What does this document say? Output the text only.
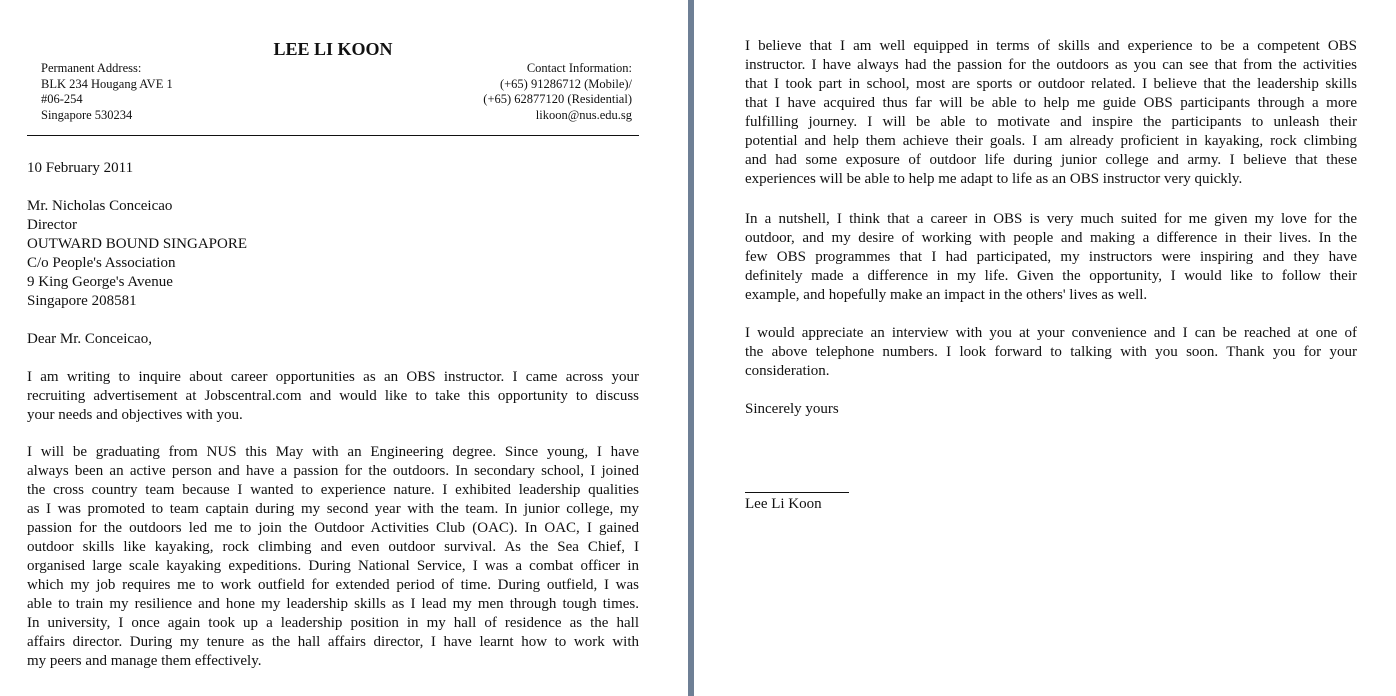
LEE LI KOON
Permanent Address:
BLK 234 Hougang AVE 1
#06-254
Singapore 530234
Contact Information:
(+65) 91286712 (Mobile)/
(+65) 62877120 (Residential)
likoon@nus.edu.sg
10 February 2011
Mr. Nicholas Conceicao
Director
OUTWARD BOUND SINGAPORE
C/o People's Association
9 King George's Avenue
Singapore 208581
Dear Mr. Conceicao,
I am writing to inquire about career opportunities as an OBS instructor. I came across your
recruiting advertisement at Jobscentral.com and would like to take this opportunity to discuss
your needs and objectives with you.
I will be graduating from NUS this May with an Engineering degree. Since young, I have
always been an active person and have a passion for the outdoors. In secondary school, I joined
the cross country team because I wanted to experience nature. I exhibited leadership qualities
as I was promoted to team captain during my second year with the team. In junior college, my
passion for the outdoors led me to join the Outdoor Activities Club (OAC). In OAC, I gained
outdoor skills like kayaking, rock climbing and even outdoor survival. As the Sea Chief, I
organised large scale kayaking expeditions. During National Service, I was a combat officer in
which my job requires me to work outfield for extended period of time. During outfield, I was
able to train my resilience and hone my leadership skills as I lead my men through tough times.
In university, I once again took up a leadership position in my hall of residence as the hall
affairs director. During my tenure as the hall affairs director, I have learnt how to work with
my peers and manage them effectively.
I believe that I am well equipped in terms of skills and experience to be a competent OBS
instructor. I have always had the passion for the outdoors as you can see that from the activities
that I took part in school, most are sports or outdoor related. I believe that the leadership skills
that I have acquired thus far will be able to help me guide OBS participants through a more
fulfilling journey. I will be able to motivate and inspire the participants to unleash their
potential and help them achieve their goals. I am already proficient in kayaking, rock climbing
and had some exposure of outdoor life during junior college and army. I believe that these
experiences will be able to help me adapt to life as an OBS instructor very quickly.
In a nutshell, I think that a career in OBS is very much suited for me given my love for the
outdoor, and my desire of working with people and making a difference in their lives. In the
few OBS programmes that I had participated, my instructors were inspiring and they have
definitely made a difference in my life. Given the opportunity, I would like to follow their
example, and hopefully make an impact in the others' lives as well.
I would appreciate an interview with you at your convenience and I can be reached at one of
the above telephone numbers. I look forward to talking with you soon. Thank you for your
consideration.
Sincerely yours
Lee Li Koon
